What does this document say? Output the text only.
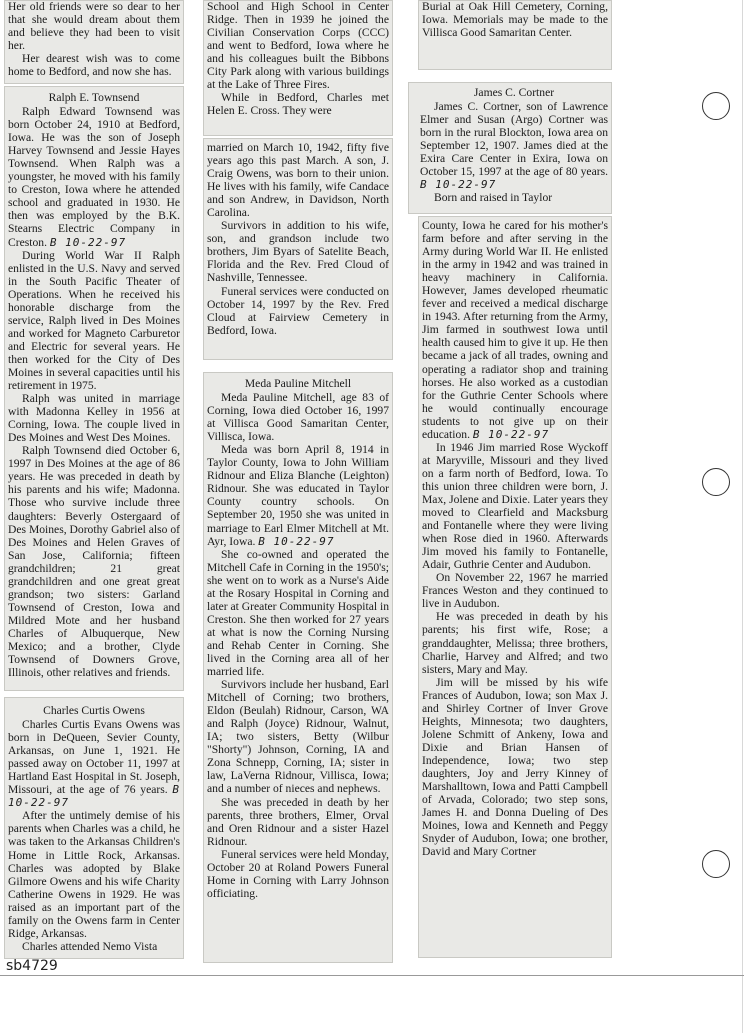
Her old friends were so dear to her that she would dream about them and believe they had been to visit her.

Her dearest wish was to come home to Bedford, and now she has.

Ralph E. Townsend

Ralph Edward Townsend was born October 24, 1910 at Bedford, Iowa. He was the son of Joseph Harvey Townsend and Jessie Hayes Townsend. When Ralph was a youngster, he moved with his family to Creston, Iowa where he attended school and graduated in 1930. He then was employed by the B.K. Stearns Electric Company in Creston. B 10-22-97

During World War II Ralph enlisted in the U.S. Navy and served in the South Pacific Theater of Operations. When he received his honorable discharge from the service, Ralph lived in Des Moines and worked for Magneto Carburetor and Electric for several years. He then worked for the City of Des Moines in several capacities until his retirement in 1975.

Ralph was united in marriage with Madonna Kelley in 1956 at Corning, Iowa. The couple lived in Des Moines and West Des Moines.

Ralph Townsend died October 6, 1997 in Des Moines at the age of 86 years. He was preceded in death by his parents and his wife; Madonna. Those who survive include three daughters: Beverly Ostergaard of Des Moines, Dorothy Gabriel also of Des Moines and Helen Graves of San Jose, California; fifteen grandchildren; 21 great grandchildren and one great great grandson; two sisters: Garland Townsend of Creston, Iowa and Mildred Mote and her husband Charles of Albuquerque, New Mexico; and a brother, Clyde Townsend of Downers Grove, Illinois, other relatives and friends.

Charles Curtis Owens

Charles Curtis Evans Owens was born in DeQueen, Sevier County, Arkansas, on June 1, 1921. He passed away on October 11, 1997 at Hartland East Hospital in St. Joseph, Missouri, at the age of 76 years. B 10-22-97

After the untimely demise of his parents when Charles was a child, he was taken to the Arkansas Children's Home in Little Rock, Arkansas. Charles was adopted by Blake Gilmore Owens and his wife Charity Catherine Owens in 1929. He was raised as an important part of the family on the Owens farm in Center Ridge, Arkansas.

Charles attended Nemo Vista

School and High School in Center Ridge. Then in 1939 he joined the Civilian Conservation Corps (CCC) and went to Bedford, Iowa where he and his colleagues built the Bibbons City Park along with various buildings at the Lake of Three Fires.

While in Bedford, Charles met Helen E. Cross. They were

married on March 10, 1942, fifty five years ago this past March. A son, J. Craig Owens, was born to their union. He lives with his family, wife Candace and son Andrew, in Davidson, North Carolina.

Survivors in addition to his wife, son, and grandson include two brothers, Jim Byars of Satelite Beach, Florida and the Rev. Fred Cloud of Nashville, Tennessee.

Funeral services were conducted on October 14, 1997 by the Rev. Fred Cloud at Fairview Cemetery in Bedford, Iowa.

Meda Pauline Mitchell

Meda Pauline Mitchell, age 83 of Corning, Iowa died October 16, 1997 at Villisca Good Samaritan Center, Villisca, Iowa.

Meda was born April 8, 1914 in Taylor County, Iowa to John William Ridnour and Eliza Blanche (Leighton) Ridnour. She was educated in Taylor County country schools. On September 20, 1950 she was united in marriage to Earl Elmer Mitchell at Mt. Ayr, Iowa. B 10-22-97

She co-owned and operated the Mitchell Cafe in Corning in the 1950's; she went on to work as a Nurse's Aide at the Rosary Hospital in Corning and later at Greater Community Hospital in Creston. She then worked for 27 years at what is now the Corning Nursing and Rehab Center in Corning. She lived in the Corning area all of her married life.

Survivors include her husband, Earl Mitchell of Corning; two brothers, Eldon (Beulah) Ridnour, Carson, WA and Ralph (Joyce) Ridnour, Walnut, IA; two sisters, Betty (Wilbur "Shorty") Johnson, Corning, IA and Zona Schnepp, Corning, IA; sister in law, LaVerna Ridnour, Villisca, Iowa; and a number of nieces and nephews.

She was preceded in death by her parents, three brothers, Elmer, Orval and Oren Ridnour and a sister Hazel Ridnour.

Funeral services were held Monday, October 20 at Roland Powers Funeral Home in Corning with Larry Johnson officiating.

Burial at Oak Hill Cemetery, Corning, Iowa. Memorials may be made to the Villisca Good Samaritan Center.

James C. Cortner

James C. Cortner, son of Lawrence Elmer and Susan (Argo) Cortner was born in the rural Blockton, Iowa area on September 12, 1907. James died at the Exira Care Center in Exira, Iowa on October 15, 1997 at the age of 80 years. B 10-22-97

Born and raised in Taylor

County, Iowa he cared for his mother's farm before and after serving in the Army during World War II. He enlisted in the army in 1942 and was trained in heavy machinery in California. However, James developed rheumatic fever and received a medical discharge in 1943. After returning from the Army, Jim farmed in southwest Iowa until health caused him to give it up. He then became a jack of all trades, owning and operating a radiator shop and training horses. He also worked as a custodian for the Guthrie Center Schools where he would continually encourage students to not give up on their education. B 10-22-97

In 1946 Jim married Rose Wyckoff at Maryville, Missouri and they lived on a farm north of Bedford, Iowa. To this union three children were born, J. Max, Jolene and Dixie. Later years they moved to Clearfield and Macksburg and Fontanelle where they were living when Rose died in 1960. Afterwards Jim moved his family to Fontanelle, Adair, Guthrie Center and Audubon.

On November 22, 1967 he married Frances Weston and they continued to live in Audubon.

He was preceded in death by his parents; his first wife, Rose; a granddaughter, Melissa; three brothers, Charlie, Harvey and Alfred; and two sisters, Mary and May.

Jim will be missed by his wife Frances of Audubon, Iowa; son Max J. and Shirley Cortner of Inver Grove Heights, Minnesota; two daughters, Jolene Schmitt of Ankeny, Iowa and Dixie and Brian Hansen of Independence, Iowa; two step daughters, Joy and Jerry Kinney of Marshalltown, Iowa and Patti Campbell of Arvada, Colorado; two step sons, James H. and Donna Dueling of Des Moines, Iowa and Kenneth and Peggy Snyder of Audubon, Iowa; one brother, David and Mary Cortner

sb4729
